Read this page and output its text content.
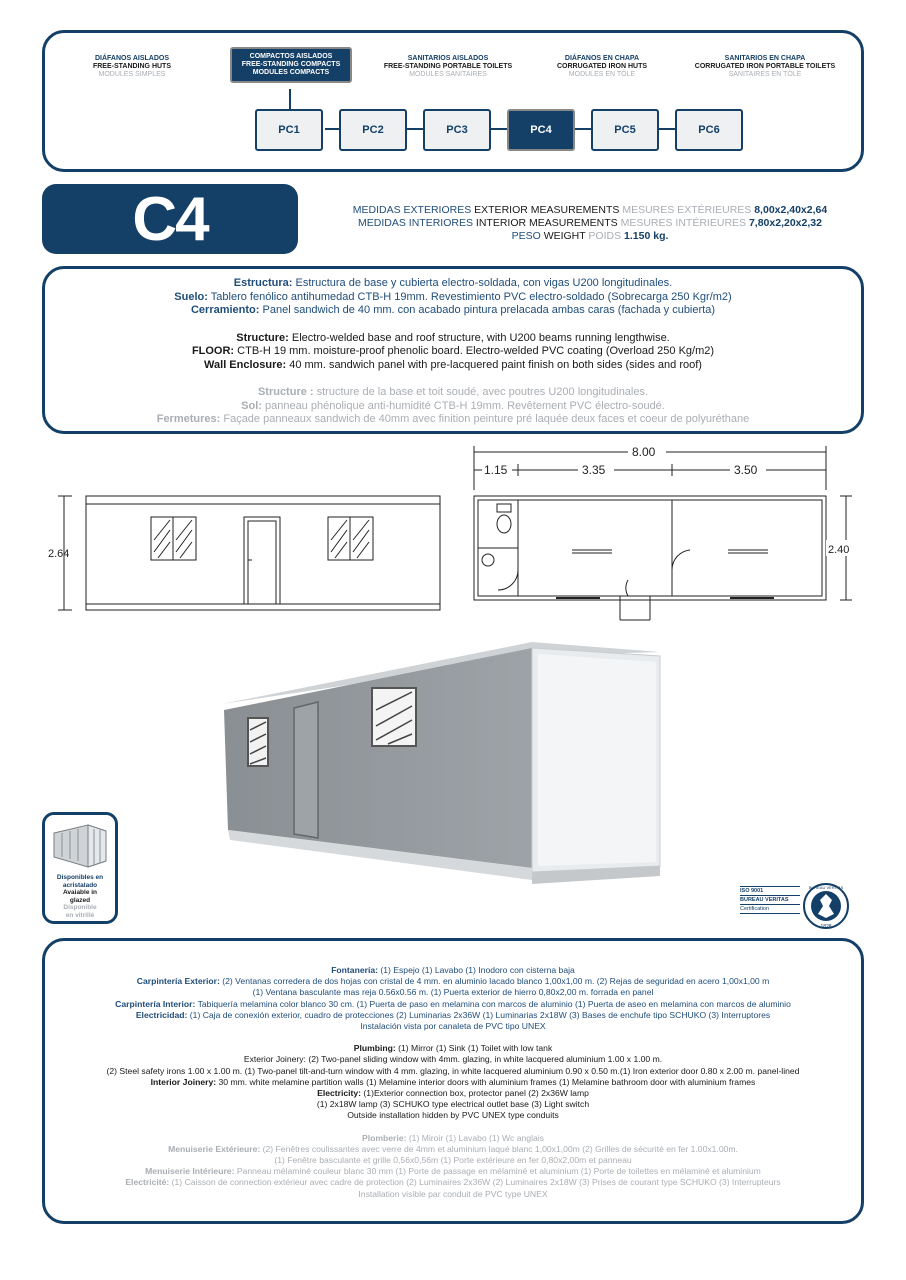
DIÁFANOS AISLADOS
FREE-STANDING HUTS
MODULES SIMPLES
COMPACTOS AISLADOS
FREE-STANDING COMPACTS
MODULES COMPACTS
SANITARIOS AISLADOS
FREE-STANDING PORTABLE TOILETS
MODULES SANITAIRES
DIÁFANOS EN CHAPA
CORRUGATED IRON HUTS
MODULES EN TÔLE
SANITARIOS EN CHAPA
CORRUGATED IRON PORTABLE TOILETS
SANITAIRES EN TÔLE
PC1	PC2	PC3	PC4	PC5	PC6
C4	MEDIDAS EXTERIORES EXTERIOR MEASUREMENTS MESURES EXTÉRIEURES 8,00x2,40x2,64
MEDIDAS INTERIORES INTERIOR MEASUREMENTS MESURES INTÉRIEURES 7,80x2,20x2,32
PESO WEIGHT POIDS 1.150 kg.

Estructura: Estructura de base y cubierta electro-soldada, con vigas U200 longitudinales.

Suelo: Tablero fenólico antihumedad CTB-H 19mm. Revestimiento PVC electro-soldado (Sobrecarga 250 Kgr/m2)

Cerramiento: Panel sandwich de 40 mm. con acabado pintura prelacada ambas caras (fachada y cubierta)

Structure: Electro-welded base and roof structure, with U200 beams running lengthwise.

FLOOR: CTB-H 19 mm. moisture-proof phenolic board. Electro-welded PVC coating (Overload 250 Kg/m2)

Wall Enclosure: 40 mm. sandwich panel with pre-lacquered paint finish on both sides (sides and roof)

Structure : structure de la base et toit soudé, avec poutres U200 longitudinales.

Sol: panneau phénolique anti-humidité CTB-H 19mm. Revêtement PVC électro-soudé.

Fermetures: Façade panneaux sandwich de 40mm avec finition peinture pré laquée deux faces et coeur de polyuréthane

2.64
8.00
1.15	3.35	3.50
2.40
Disponibles en
acristalado
Avaiable in
glazed
Disponible
en vitrillé
ISO 9001
BUREAU VERITAS
Certification
1828
BUREAU VERITAS

Fontanería: (1) Espejo (1) Lavabo (1) Inodoro con cisterna baja

Carpintería Exterior: (2) Ventanas corredera de dos hojas con cristal de 4 mm. en aluminio lacado blanco 1,00x1,00 m. (2) Rejas de seguridad en acero 1,00x1,00 m

(1) Ventana basculante mas reja 0.56x0.56 m. (1) Puerta exterior de hierro 0,80x2,00 m. forrada en panel

Carpintería Interior: Tabiquería melamina color blanco 30 cm. (1) Puerta de paso en melamina con marcos de aluminio (1) Puerta de aseo en melamina con marcos de aluminio

Electricidad: (1) Caja de conexión exterior, cuadro de protecciones (2) Luminarias 2x36W (1) Luminarias 2x18W (3) Bases de enchufe tipo SCHUKO (3) Interruptores

Instalación vista por canaleta de PVC tipo UNEX

Plumbing: (1) Mirror (1) Sink (1) Toilet with low tank

Exterior Joinery: (2) Two-panel sliding window with 4mm. glazing, in white lacquered aluminium 1.00 x 1.00 m.

(2) Steel safety irons 1.00 x 1.00 m. (1) Two-panel tilt-and-turn window with 4 mm. glazing, in white lacquered aluminium 0.90 x 0.50 m.(1) Iron exterior door 0.80 x 2.00 m. panel-lined

Interior Joinery: 30 mm. white melamine partition walls (1) Melamine interior doors with aluminium frames (1) Melamine bathroom door with aluminium frames

Electricity: (1)Exterior connection box, protector panel (2) 2x36W lamp

(1) 2x18W lamp (3) SCHUKO type electrical outlet base (3) Light switch

Outside installation hidden by PVC UNEX type conduits

Plomberie: (1) Miroir (1) Lavabo (1) Wc anglais

Menuiserie Extérieure: (2) Fenêtres coulissantes avec verre de 4mm et aluminium laqué blanc 1,00x1,00m (2) Grilles de sécurité en fer 1.00x1.00m.

(1) Fenêtre basculante et grille 0,56x0,56m (1) Porte extérieure en fer 0,80x2,00m et panneau

Menuiserie Intérieure: Panneau mélaminé couleur blanc 30 mm (1) Porte de passage en mélaminé et aluminium (1) Porte de toilettes en mélaminé et aluminium

Electricité: (1) Caisson de connection extérieur avec cadre de protection (2) Luminaires 2x36W (2) Luminaires 2x18W (3) Prises de courant type SCHUKO (3) Interrupteurs

Installation visible par conduit de PVC type UNEX
